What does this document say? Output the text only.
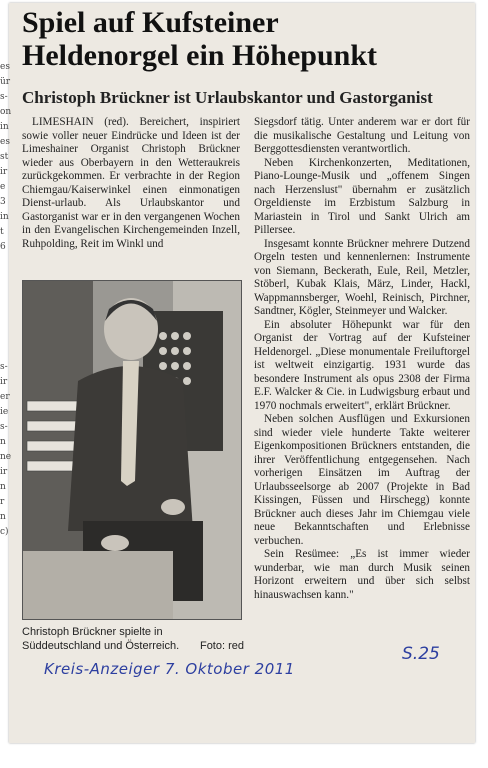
es
ür
s-
on
in
es
st
ir
e
3
in
t
6

s-
ir
er
ie
s-
n
ne
ir
n
r
n
c)
Spiel auf Kufsteiner
Heldenorgel ein Höhepunkt
Christoph Brückner ist Urlaubskantor und Gastorganist

LIMESHAIN (red). Bereichert, inspiriert sowie voller neuer Eindrücke und Ideen ist der Limeshainer Organist Christoph Brückner wieder aus Oberbayern in den Wetteraukreis zurückgekommen. Er verbrachte in der Region Chiemgau/Kaiserwinkel einen einmonatigen Dienst-urlaub. Als Urlaubskantor und Gastorganist war er in den vergangenen Wochen in den Evangelischen Kirchengemeinden Inzell, Ruhpolding, Reit im Winkl und

Siegsdorf tätig. Unter anderem war er dort für die musikalische Gestaltung und Leitung von Berggottesdiensten verantwortlich.

Neben Kirchenkonzerten, Meditationen, Piano-Lounge-Musik und „offenem Singen nach Herzenslust" übernahm er zusätzlich Orgeldienste im Erzbistum Salzburg in Mariastein in Tirol und Sankt Ulrich am Pillersee.

Insgesamt konnte Brückner mehrere Dutzend Orgeln testen und kennenlernen: Instrumente von Siemann, Beckerath, Eule, Reil, Metzler, Stöberl, Kubak Klais, März, Linder, Hackl, Wappmannsberger, Woehl, Reinisch, Pirchner, Sandtner, Kögler, Steinmeyer und Walcker.

Ein absoluter Höhepunkt war für den Organist der Vortrag auf der Kufsteiner Heldenorgel. „Diese monumentale Freiluftorgel ist weltweit einzigartig. 1931 wurde das besondere Instrument als opus 2308 der Firma E.F. Walcker & Cie. in Ludwigsburg erbaut und 1970 nochmals erweitert", erklärt Brückner.

Neben solchen Ausflügen und Exkursionen sind wieder viele hunderte Takte weiterer Eigenkompositionen Brückners entstanden, die ihrer Veröffentlichung entgegensehen. Nach vorherigen Einsätzen im Auftrag der Urlaubsseelsorge ab 2007 (Projekte in Bad Kissingen, Füssen und Hirschegg) konnte Brückner auch dieses Jahr im Chiemgau viele neue Bekanntschaften und Erlebnisse verbuchen.

Sein Resümee: „Es ist immer wieder wunderbar, wie man durch Musik seinen Horizont erweitern und über sich selbst hinauswachsen kann."

Christoph Brückner spielte in Süddeutschland und Österreich. Foto: red	S.25
Kreis-Anzeiger 7. Oktober 2011
